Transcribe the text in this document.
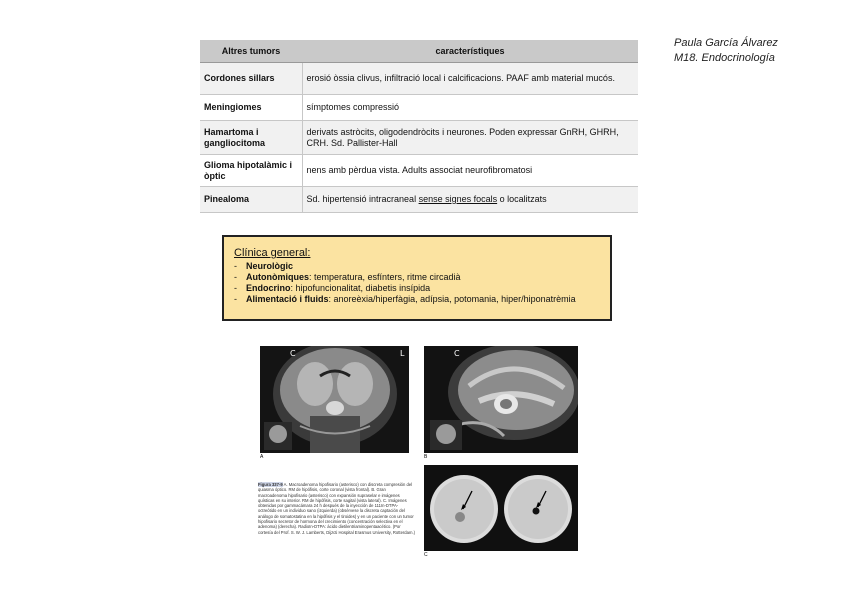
Paula García Álvarez
M18. Endocrinología
Altres tumors	característiques
Cordones sillars	erosió òssia clivus, infiltració local i calcificacions. PAAF amb material mucós.
Meningiomes	símptomes compressió
Hamartoma i gangliocitoma	derivats astròcits, oligodendròcits i neurones. Poden expressar GnRH, GHRH, CRH. Sd. Pallister-Hall
Glioma hipotalàmic i òptic	nens amb pèrdua vista. Adults associat neurofibromatosi
Pinealoma	Sd. hipertensió intracraneal sense signes focals o localitzats
Clínica general:
- Neurològic
- Autonòmiques: temperatura, esfínters, ritme circadià
- Endocrino: hipofuncionalitat, diabetis insípida
- Alimentació i fluids: anoreèxia/hiperfàgia, adípsia, potomania, hiper/hiponatrèmia
C	L
A
C
B
Figura 337-9 A. Macroadenoma hipofisario (asterisco) con discreta compresión del quiasma óptico. RM de hipófisis, corte coronal (vista frontal). B. Gran macroadenoma hipofisario (asterisco) con expansión supraselar e imágenes quísticas en su interior. RM de hipófisis, corte sagital (vista lateral). C. Imágenes obtenidas por gammacámara 24 h después de la inyección de 111In-DTPA-octreótido en un individuo sano (izquierda) (obsérvese la discreta captación del análogo de somatostatina en la hipófisis y el tiroides) y en un paciente con un tumor hipofisario secretor de hormona del crecimiento (concentración selectiva en el adenoma) (derecha). RadioIn-DTPA: ácido dietilentriaminopentaacético. (Por cortesía del Prof. S. W. J. Lamberts, Dijzcti Hospital Erasmus University, Rotterdam.)
C
